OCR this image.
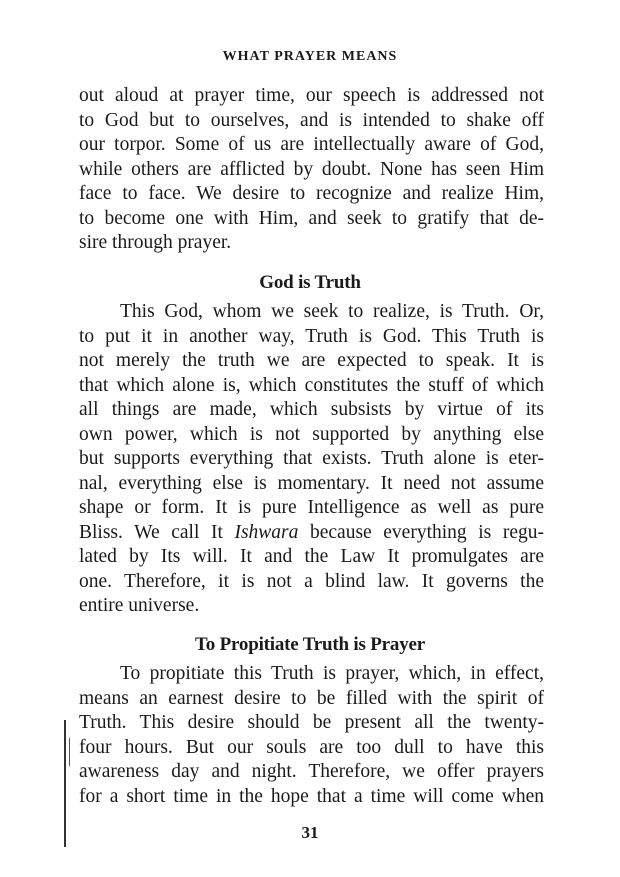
WHAT PRAYER MEANS
out aloud at prayer time, our speech is addressed not
to God but to ourselves, and is intended to shake off
our torpor. Some of us are intellectually aware of God,
while others are afflicted by doubt. None has seen Him
face to face. We desire to recognize and realize Him,
to become one with Him, and seek to gratify that de-
sire through prayer.
God is Truth
This God, whom we seek to realize, is Truth. Or,
to put it in another way, Truth is God. This Truth is
not merely the truth we are expected to speak. It is
that which alone is, which constitutes the stuff of which
all things are made, which subsists by virtue of its
own power, which is not supported by anything else
but supports everything that exists. Truth alone is eter-
nal, everything else is momentary. It need not assume
shape or form. It is pure Intelligence as well as pure
Bliss. We call It Ishwara because everything is regu-
lated by Its will. It and the Law It promulgates are
one. Therefore, it is not a blind law. It governs the
entire universe.
To Propitiate Truth is Prayer
To propitiate this Truth is prayer, which, in effect,
means an earnest desire to be filled with the spirit of
Truth. This desire should be present all the twenty-
four hours. But our souls are too dull to have this
awareness day and night. Therefore, we offer prayers
for a short time in the hope that a time will come when
31
